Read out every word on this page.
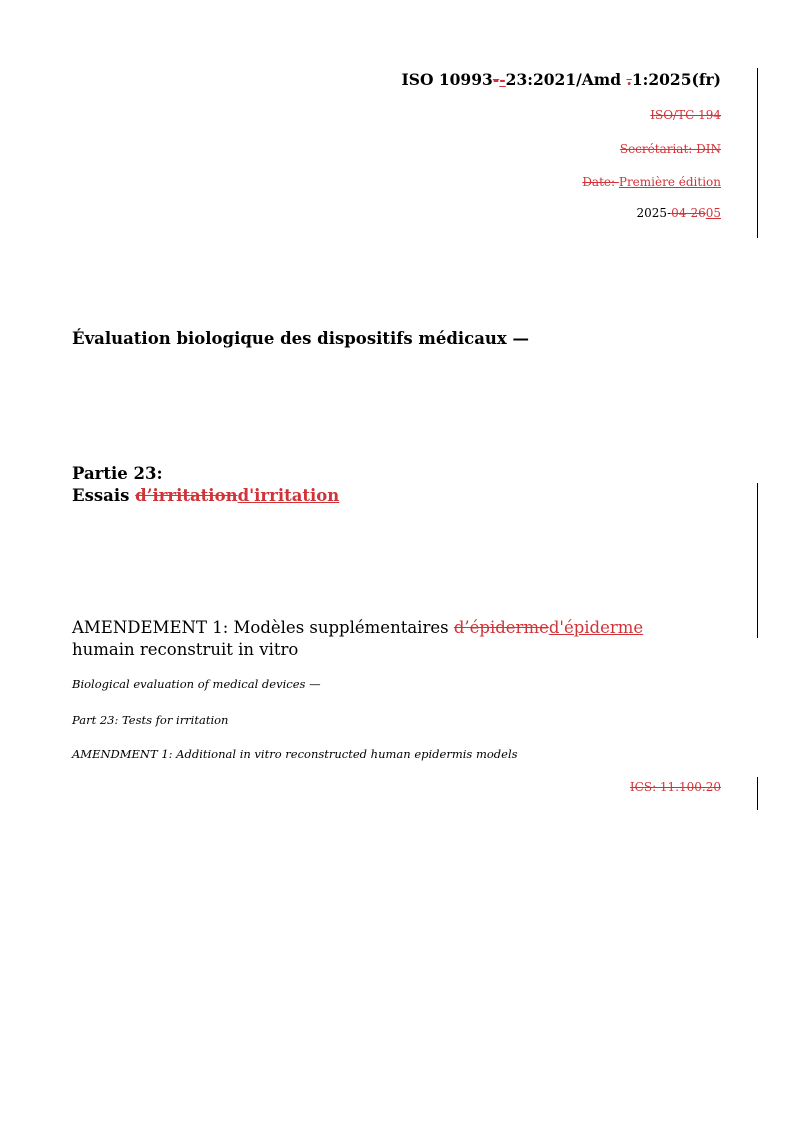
ISO 10993--23:2021/Amd .1:2025(fr)
ISO/TC 194
Secrétariat: DIN
Date: Première édition
2025-04-2605
Évaluation biologique des dispositifs médicaux —
Partie 23:
Essais d’irritationd'irritation
AMENDEMENT 1: Modèles supplémentaires d’épidermed'épiderme
humain reconstruit in vitro
Biological evaluation of medical devices —
Part 23: Tests for irritation
AMENDMENT 1: Additional in vitro reconstructed human epidermis models
ICS: 11.100.20
